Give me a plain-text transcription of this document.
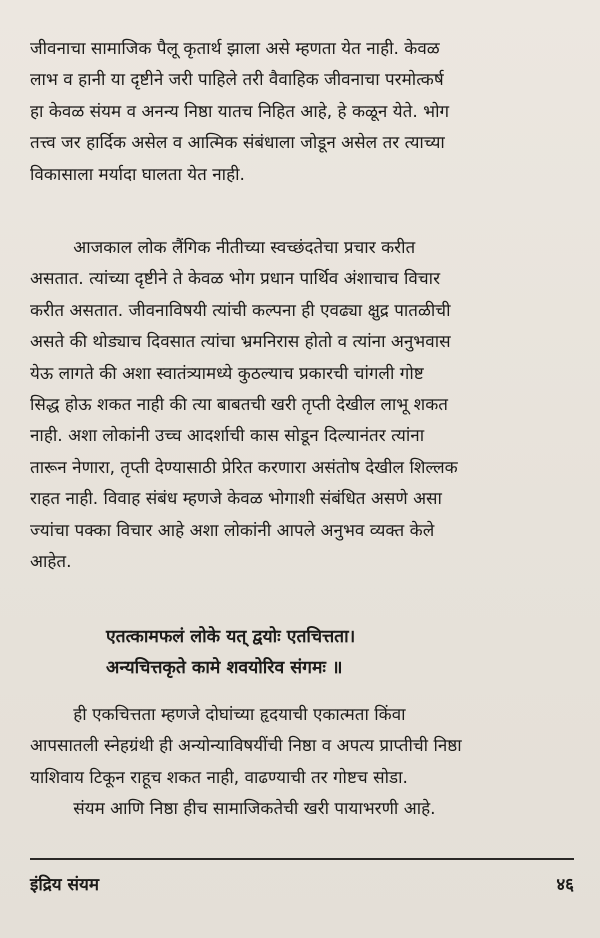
जीवनाचा सामाजिक पैलू कृतार्थ झाला असे म्हणता येत नाही. केवळ
लाभ व हानी या दृष्टीने जरी पाहिले तरी वैवाहिक जीवनाचा परमोत्कर्ष
हा केवळ संयम व अनन्य निष्ठा यातच निहित आहे, हे कळून येते. भोग
तत्त्व जर हार्दिक असेल व आत्मिक संबंधाला जोडून असेल तर त्याच्या
विकासाला मर्यादा घालता येत नाही.
आजकाल लोक लैंगिक नीतीच्या स्वच्छंदतेचा प्रचार करीत
असतात. त्यांच्या दृष्टीने ते केवळ भोग प्रधान पार्थिव अंशाचाच विचार
करीत असतात. जीवनाविषयी त्यांची कल्पना ही एवढ्या क्षुद्र पातळीची
असते की थोड्याच दिवसात त्यांचा भ्रमनिरास होतो व त्यांना अनुभवास
येऊ लागते की अशा स्वातंत्र्यामध्ये कुठल्याच प्रकारची चांगली गोष्ट
सिद्ध होऊ शकत नाही की त्या बाबतची खरी तृप्ती देखील लाभू शकत
नाही. अशा लोकांनी उच्च आदर्शाची कास सोडून दिल्यानंतर त्यांना
तारून नेणारा, तृप्ती देण्यासाठी प्रेरित करणारा असंतोष देखील शिल्लक
राहत नाही. विवाह संबंध म्हणजे केवळ भोगाशी संबंधित असणे असा
ज्यांचा पक्का विचार आहे अशा लोकांनी आपले अनुभव व्यक्त केले
आहेत.
एतत्कामफलं लोके यत् द्वयोः एतचित्तता।
अन्यचित्तकृते कामे शवयोरिव संगमः ॥
ही एकचित्तता म्हणजे दोघांच्या हृदयाची एकात्मता किंवा
आपसातली स्नेहग्रंथी ही अन्योन्याविषयींची निष्ठा व अपत्य प्राप्तीची निष्ठा
याशिवाय टिकून राहूच शकत नाही, वाढण्याची तर गोष्टच सोडा.
संयम आणि निष्ठा हीच सामाजिकतेची खरी पायाभरणी आहे.
इंद्रिय संयम	४६
